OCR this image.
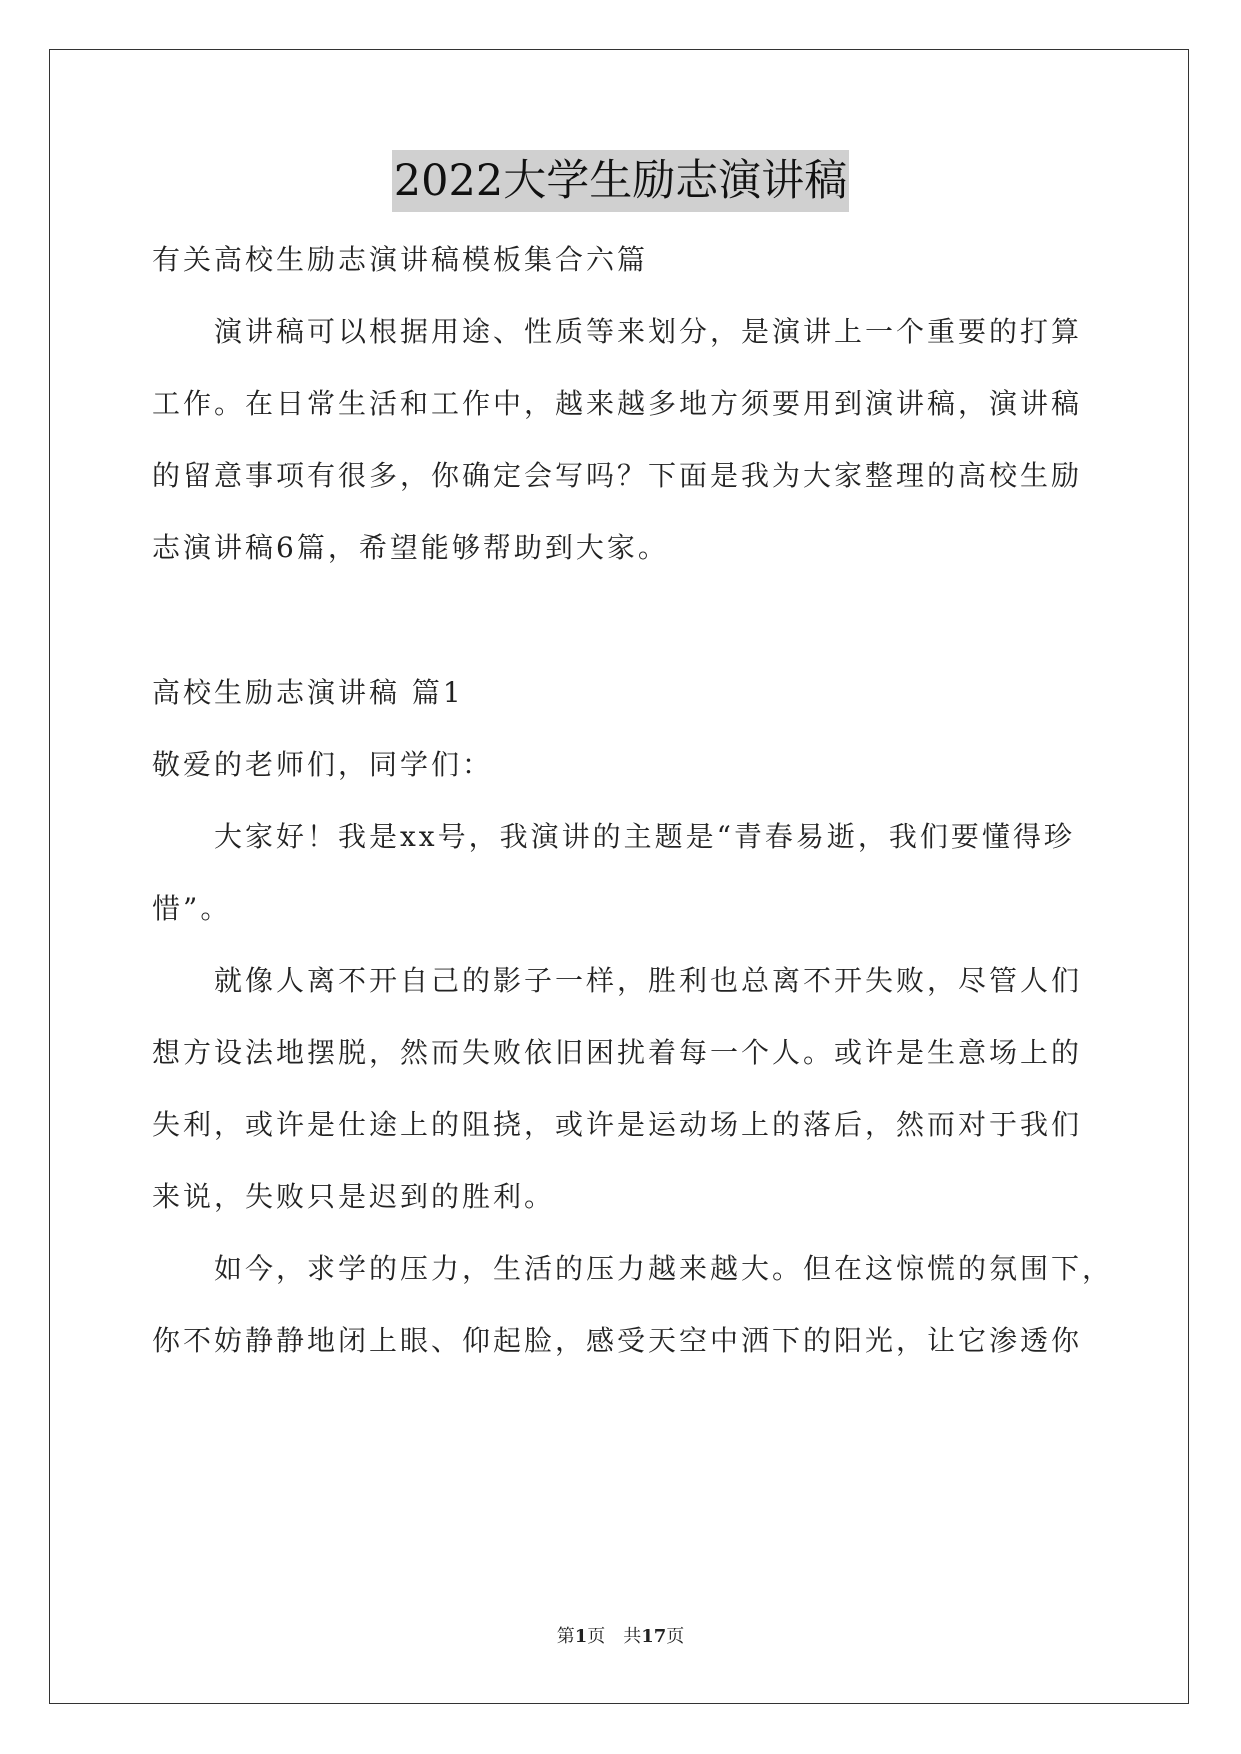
2022大学生励志演讲稿
有关高校生励志演讲稿模板集合六篇
演讲稿可以根据用途、性质等来划分，是演讲上一个重要的打算
工作。在日常生活和工作中，越来越多地方须要用到演讲稿，演讲稿
的留意事项有很多，你确定会写吗？下面是我为大家整理的高校生励
志演讲稿6篇，希望能够帮助到大家。
高校生励志演讲稿 篇1
敬爱的老师们，同学们：
大家好！我是xx号，我演讲的主题是“青春易逝，我们要懂得珍
惜”。
就像人离不开自己的影子一样，胜利也总离不开失败，尽管人们
想方设法地摆脱，然而失败依旧困扰着每一个人。或许是生意场上的
失利，或许是仕途上的阻挠，或许是运动场上的落后，然而对于我们
来说，失败只是迟到的胜利。
如今，求学的压力，生活的压力越来越大。但在这惊慌的氛围下，
你不妨静静地闭上眼、仰起脸，感受天空中洒下的阳光，让它渗透你
第1页 共17页
